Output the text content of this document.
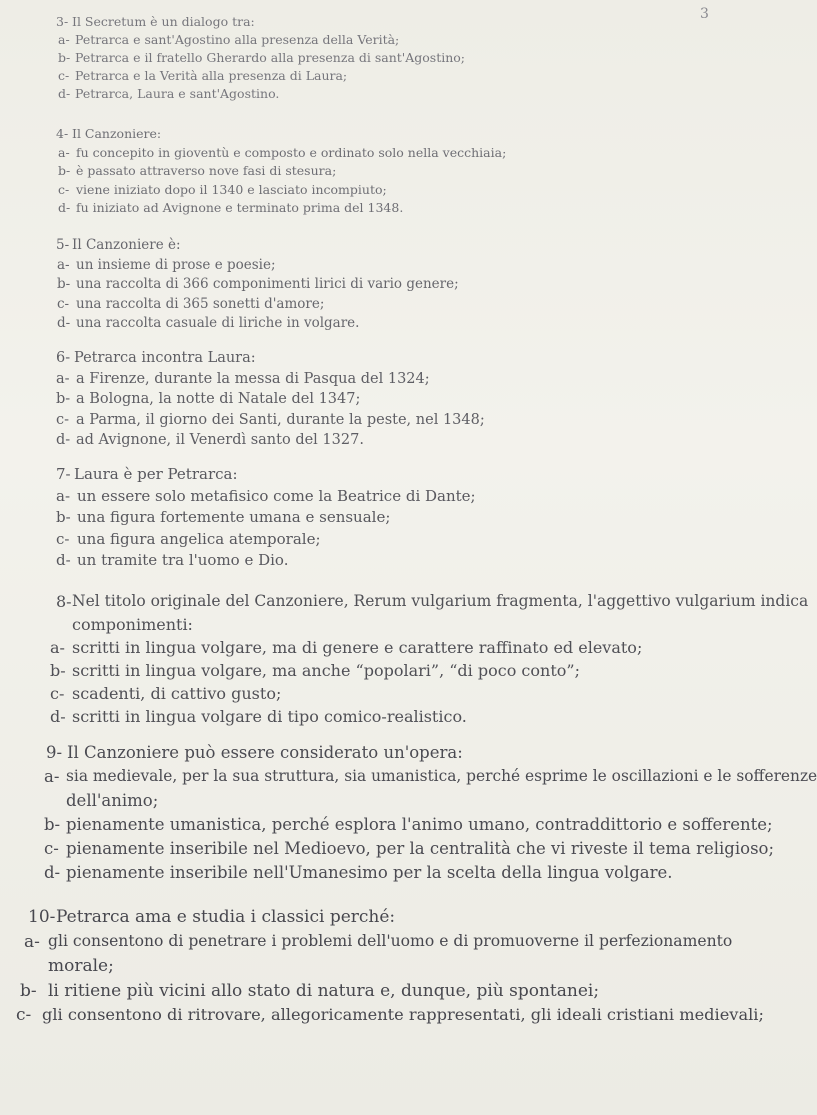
3
3- Il Secretum è un dialogo tra:
a- Petrarca e sant'Agostino alla presenza della Verità;
b- Petrarca e il fratello Gherardo alla presenza di sant'Agostino;
c- Petrarca e la Verità alla presenza di Laura;
d- Petrarca, Laura e sant'Agostino.
4- Il Canzoniere:
a- fu concepito in gioventù e composto e ordinato solo nella vecchiaia;
b- è passato attraverso nove fasi di stesura;
c- viene iniziato dopo il 1340 e lasciato incompiuto;
d- fu iniziato ad Avignone e terminato prima del 1348.
5- Il Canzoniere è:
a- un insieme di prose e poesie;
b- una raccolta di 366 componimenti lirici di vario genere;
c- una raccolta di 365 sonetti d'amore;
d- una raccolta casuale di liriche in volgare.
6- Petrarca incontra Laura:
a- a Firenze, durante la messa di Pasqua del 1324;
b- a Bologna, la notte di Natale del 1347;
c- a Parma, il giorno dei Santi, durante la peste, nel 1348;
d- ad Avignone, il Venerdì santo del 1327.
7- Laura è per Petrarca:
a- un essere solo metafisico come la Beatrice di Dante;
b- una figura fortemente umana e sensuale;
c- una figura angelica atemporale;
d- un tramite tra l'uomo e Dio.
8- Nel titolo originale del Canzoniere, Rerum vulgarium fragmenta, l'aggettivo vulgarium indica
componimenti:
a- scritti in lingua volgare, ma di genere e carattere raffinato ed elevato;
b- scritti in lingua volgare, ma anche “popolari”, “di poco conto”;
c- scadenti, di cattivo gusto;
d- scritti in lingua volgare di tipo comico-realistico.
9- Il Canzoniere può essere considerato un'opera:
a- sia medievale, per la sua struttura, sia umanistica, perché esprime le oscillazioni e le sofferenze
dell'animo;
b- pienamente umanistica, perché esplora l'animo umano, contraddittorio e sofferente;
c- pienamente inseribile nel Medioevo, per la centralità che vi riveste il tema religioso;
d- pienamente inseribile nell'Umanesimo per la scelta della lingua volgare.
10- Petrarca ama e studia i classici perché:
a- gli consentono di penetrare i problemi dell'uomo e di promuoverne il perfezionamento
morale;
b- li ritiene più vicini allo stato di natura e, dunque, più spontanei;
c- gli consentono di ritrovare, allegoricamente rappresentati, gli ideali cristiani medievali;
